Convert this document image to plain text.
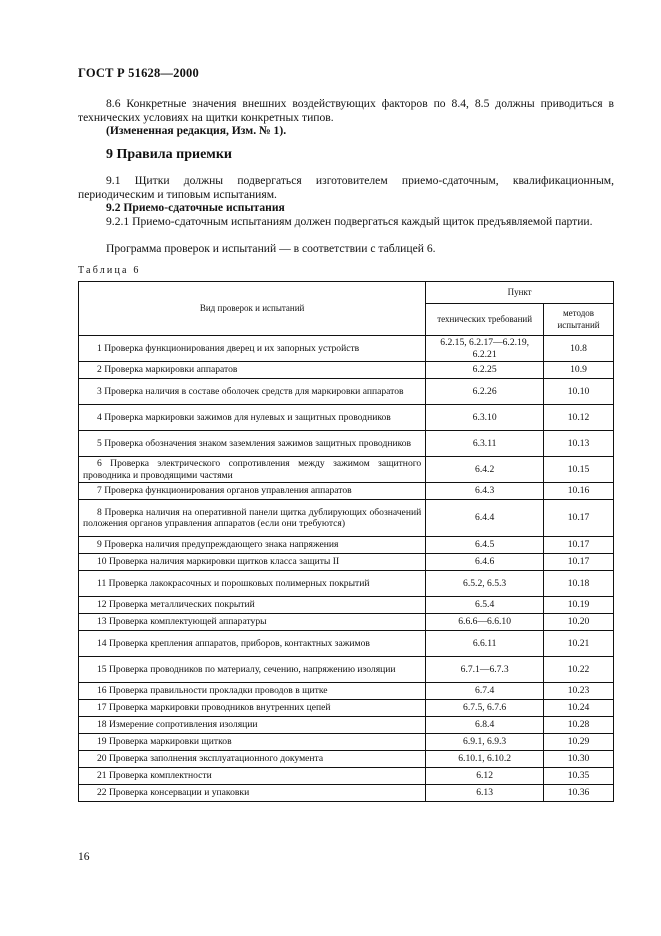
ГОСТ Р 51628—2000
8.6 Конкретные значения внешних воздействующих факторов по 8.4, 8.5 должны приводиться в технических условиях на щитки конкретных типов.
(Измененная редакция, Изм. № 1).
9 Правила приемки
9.1 Щитки должны подвергаться изготовителем приемо-сдаточным, квалификационным, периодическим и типовым испытаниям.
9.2 Приемо-сдаточные испытания
9.2.1 Приемо-сдаточным испытаниям должен подвергаться каждый щиток предъявляемой партии.
Программа проверок и испытаний — в соответствии с таблицей 6.
Таблица 6
Вид проверок и испытаний	Пункт	
	технических требований	методов испытаний
1 Проверка функционирования дверец и их запорных устройств	6.2.15, 6.2.17—6.2.19, 6.2.21	10.8
2 Проверка маркировки аппаратов	6.2.25	10.9
3 Проверка наличия в составе оболочек средств для маркировки аппаратов	6.2.26	10.10
4 Проверка маркировки зажимов для нулевых и защитных проводников	6.3.10	10.12
5 Проверка обозначения знаком заземления зажимов защитных проводников	6.3.11	10.13
6 Проверка электрического сопротивления между зажимом защитного проводника и проводящими частями	6.4.2	10.15
7 Проверка функционирования органов управления аппаратов	6.4.3	10.16
8 Проверка наличия на оперативной панели щитка дублирующих обозначений положения органов управления аппаратов (если они требуются)	6.4.4	10.17
9 Проверка наличия предупреждающего знака напряжения	6.4.5	10.17
10 Проверка наличия маркировки щитков класса защиты II	6.4.6	10.17
11 Проверка лакокрасочных и порошковых полимерных покрытий	6.5.2, 6.5.3	10.18
12 Проверка металлических покрытий	6.5.4	10.19
13 Проверка комплектующей аппаратуры	6.6.6—6.6.10	10.20
14 Проверка крепления аппаратов, приборов, контактных зажимов	6.6.11	10.21
15 Проверка проводников по материалу, сечению, напряжению изоляции	6.7.1—6.7.3	10.22
16 Проверка правильности прокладки проводов в щитке	6.7.4	10.23
17 Проверка маркировки проводников внутренних цепей	6.7.5, 6.7.6	10.24
18 Измерение сопротивления изоляции	6.8.4	10.28
19 Проверка маркировки щитков	6.9.1, 6.9.3	10.29
20 Проверка заполнения эксплуатационного документа	6.10.1, 6.10.2	10.30
21 Проверка комплектности	6.12	10.35
22 Проверка консервации и упаковки	6.13	10.36
16
